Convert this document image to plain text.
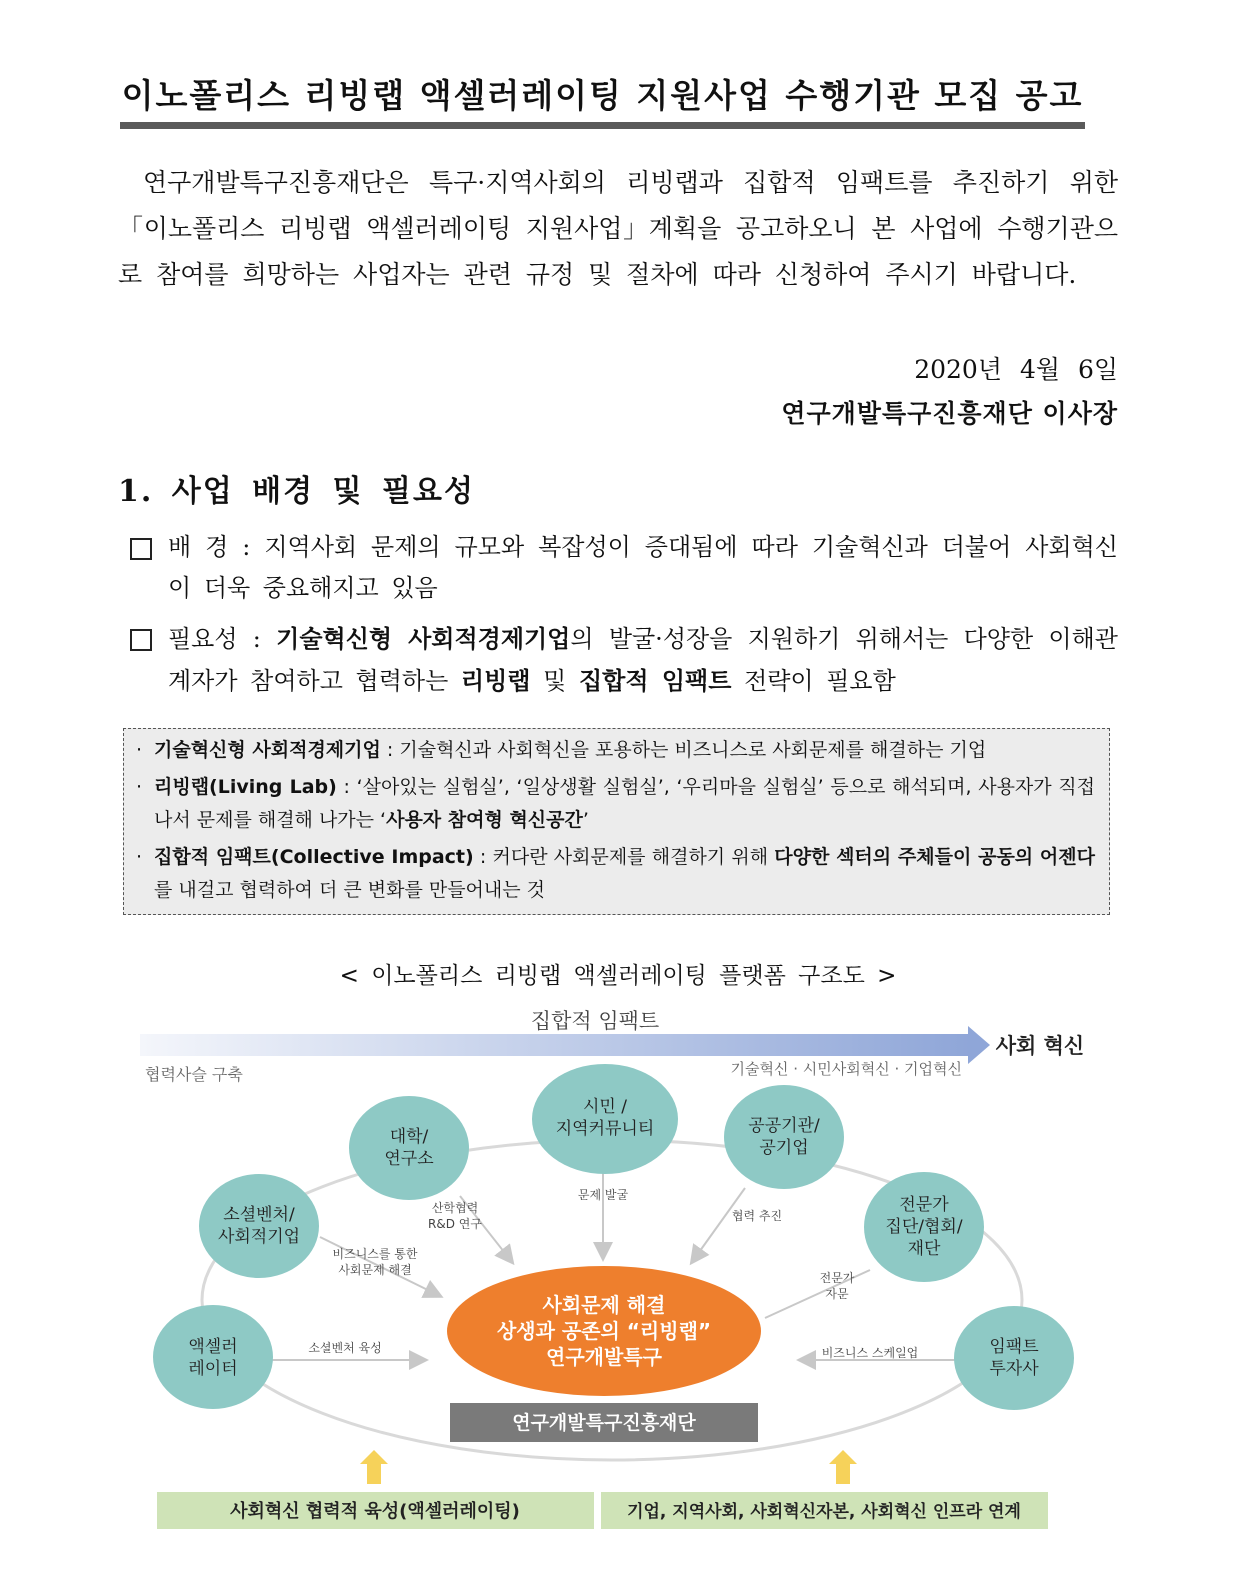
이노폴리스 리빙랩 액셀러레이팅 지원사업 수행기관 모집 공고
연구개발특구진흥재단은 특구·지역사회의 리빙랩과 집합적 임팩트를 추진하기 위한「이노폴리스 리빙랩 액셀러레이팅 지원사업」계획을 공고하오니 본 사업에 수행기관으로 참여를 희망하는 사업자는 관련 규정 및 절차에 따라 신청하여 주시기 바랍니다.
2020년 4월 6일
연구개발특구진흥재단 이사장
1. 사업 배경 및 필요성
배 경 : 지역사회 문제의 규모와 복잡성이 증대됨에 따라 기술혁신과 더불어 사회혁신이 더욱 중요해지고 있음
필요성 : 기술혁신형 사회적경제기업의 발굴·성장을 지원하기 위해서는 다양한 이해관계자가 참여하고 협력하는 리빙랩 및 집합적 임팩트 전략이 필요함
· 기술혁신형 사회적경제기업 : 기술혁신과 사회혁신을 포용하는 비즈니스로 사회문제를 해결하는 기업
· 리빙랩(Living Lab) : ‘살아있는 실험실’, ‘일상생활 실험실’, ‘우리마을 실험실’ 등으로 해석되며, 사용자가 직접 나서 문제를 해결해 나가는 ‘사용자 참여형 혁신공간’
· 집합적 임팩트(Collective Impact) : 커다란 사회문제를 해결하기 위해 다양한 섹터의 주체들이 공동의 어젠다를 내걸고 협력하여 더 큰 변화를 만들어내는 것
< 이노폴리스 리빙랩 액셀러레이팅 플랫폼 구조도 >
집합적 임팩트
사회 혁신
협력사슬 구축	기술혁신 · 시민사회혁신 · 기업혁신
시민 /
지역커뮤니티
대학/
연구소
공공기관/
공기업
소셜벤처/
사회적기업
전문가
집단/협회/
재단
액셀러
레이터
임팩트
투자사
문제 발굴
산학협력
R&D 연구
협력 추진
비즈니스를 통한
사회문제 해결
전문가
자문
소셜벤처 육성	비즈니스 스케일업
사회문제 해결
상생과 공존의 “리빙랩”
연구개발특구
연구개발특구진흥재단
사회혁신 협력적 육성(액셀러레이팅)	기업, 지역사회, 사회혁신자본, 사회혁신 인프라 연계
